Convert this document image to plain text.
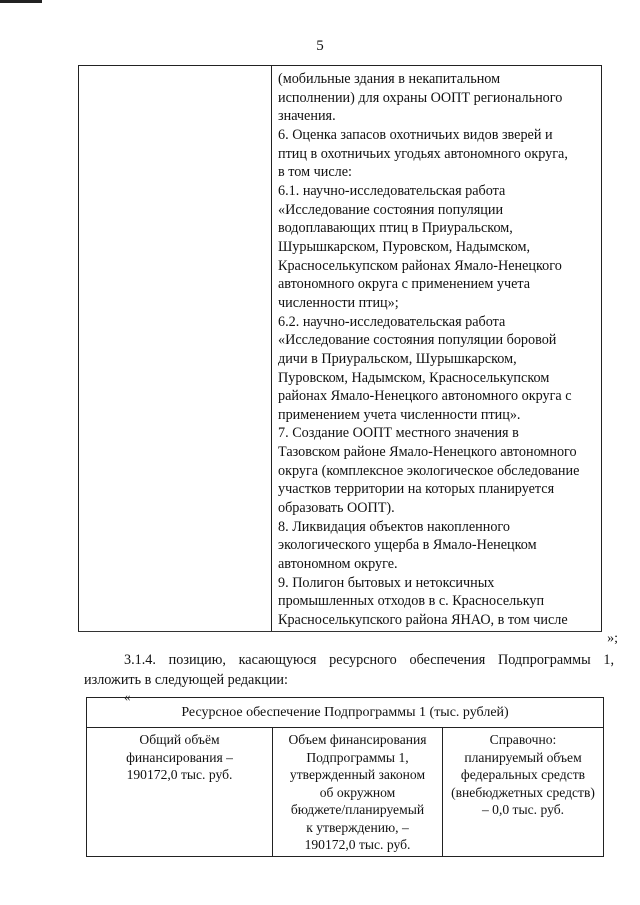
5
(мобильные здания в некапитальном
исполнении) для охраны ООПТ регионального
значения.
6. Оценка запасов охотничьих видов зверей и
птиц в охотничьих угодьях автономного округа,
в том числе:
6.1. научно-исследовательская работа
«Исследование состояния популяции
водоплавающих птиц в Приуральском,
Шурышкарском, Пуровском, Надымском,
Красноселькупском районах Ямало-Ненецкого
автономного округа с применением учета
численности птиц»;
6.2. научно-исследовательская работа
«Исследование состояния популяции боровой
дичи в Приуральском, Шурышкарском,
Пуровском, Надымском, Красноселькупском
районах Ямало-Ненецкого автономного округа с
применением учета численности птиц».
7. Создание ООПТ местного значения в
Тазовском районе Ямало-Ненецкого автономного
округа (комплексное экологическое обследование
участков территории на которых планируется
образовать ООПТ).
8. Ликвидация объектов накопленного
экологического ущерба в Ямало-Ненецком
автономном округе.
9. Полигон бытовых и нетоксичных
промышленных отходов в с. Красноселькуп
Красноселькупского района ЯНАО, в том числе
»;
3.1.4. позицию, касающуюся ресурсного обеспечения Подпрограммы 1,
изложить в следующей редакции:
«
Ресурсное обеспечение Подпрограммы 1 (тыс. рублей)
Общий объём
финансирования –
190172,0 тыс. руб.
Объем финансирования
Подпрограммы 1,
утвержденный законом
об окружном
бюджете/планируемый
к утверждению, –
190172,0 тыс. руб.
Справочно:
планируемый объем
федеральных средств
(внебюджетных средств)
– 0,0 тыс. руб.
